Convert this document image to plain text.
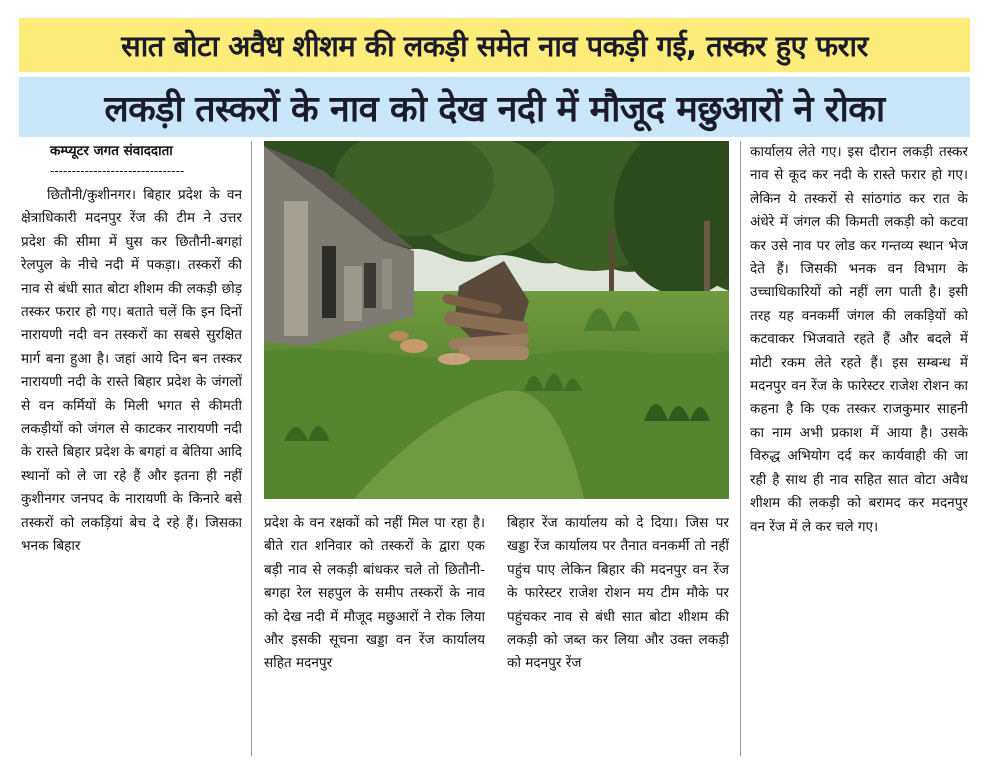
सात बोटा अवैध शीशम की लकड़ी समेत नाव पकड़ी गई, तस्कर हुए फरार
लकड़ी तस्करों के नाव को देख नदी में मौजूद मछुआरों ने रोका
कम्प्यूटर जगत संवाददाता
-------------------------------

छितौनी/कुशीनगर। बिहार प्रदेश के वन क्षेत्राधिकारी मदनपुर रेंज की टीम ने उत्तर प्रदेश की सीमा में घुस कर छितौनी-बगहां रेलपुल के नीचे नदी में पकड़ा। तस्करों की नाव से बंधी सात बोटा शीशम की लकड़ी छोड़ तस्कर फरार हो गए। बताते चलें कि इन दिनों नारायणी नदी वन तस्करों का सबसे सुरक्षित मार्ग बना हुआ है। जहां आये दिन बन तस्कर नारायणी नदी के रास्ते बिहार प्रदेश के जंगलों से वन कर्मियों के मिली भगत से कीमती लकड़ीयों को जंगल से काटकर नारायणी नदी के रास्ते बिहार प्रदेश के बगहां व बेतिया आदि स्थानों को ले जा रहे हैं और इतना ही नहीं कुशीनगर जनपद के नारायणी के किनारे बसे तस्करों को लकड़ियां बेच दे रहे हैं। जिसका भनक बिहार

प्रदेश के वन रक्षकों को नहीं मिल पा रहा है। बीते रात शनिवार को तस्करों के द्वारा एक बड़ी नाव से लकड़ी बांधकर चले तो छितौनी-बगहा रेल सहपुल के समीप तस्करों के नाव को देख नदी में मौजूद मछुआरों ने रोक लिया और इसकी सूचना खड्डा वन रेंज कार्यालय सहित मदनपुर

बिहार रेंज कार्यालय को दे दिया। जिस पर खड्डा रेंज कार्यालय पर तैनात वनकर्मी तो नहीं पहुंच पाए लेकिन बिहार की मदनपुर वन रेंज के फारेस्टर राजेश रोशन मय टीम मौके पर पहुंचकर नाव से बंधी सात बोटा शीशम की लकड़ी को जब्त कर लिया और उक्त लकड़ी को मदनपुर रेंज

कार्यालय लेते गए। इस दौरान लकड़ी तस्कर नाव से कूद कर नदी के रास्ते फरार हो गए। लेकिन ये तस्करों से सांठगांठ कर रात के अंधेरे में जंगल की किमती लकड़ी को कटवा कर उसे नाव पर लोड कर गन्तव्य स्थान भेज देते हैं। जिसकी भनक वन विभाग के उच्चाधिकारियों को नहीं लग पाती है। इसी तरह यह वनकर्मी जंगल की लकड़ियों को कटवाकर भिजवाते रहते हैं और बदले में मोटी रकम लेते रहते हैं। इस सम्बन्ध में मदनपुर वन रेंज के फारेस्टर राजेश रोशन का कहना है कि एक तस्कर राजकुमार साहनी का नाम अभी प्रकाश में आया है। उसके विरुद्ध अभियोग दर्द कर कार्यवाही की जा रही है साथ ही नाव सहित सात वोटा अवैध शीशम की लकड़ी को बरामद कर मदनपुर वन रेंज में ले कर चले गए।
